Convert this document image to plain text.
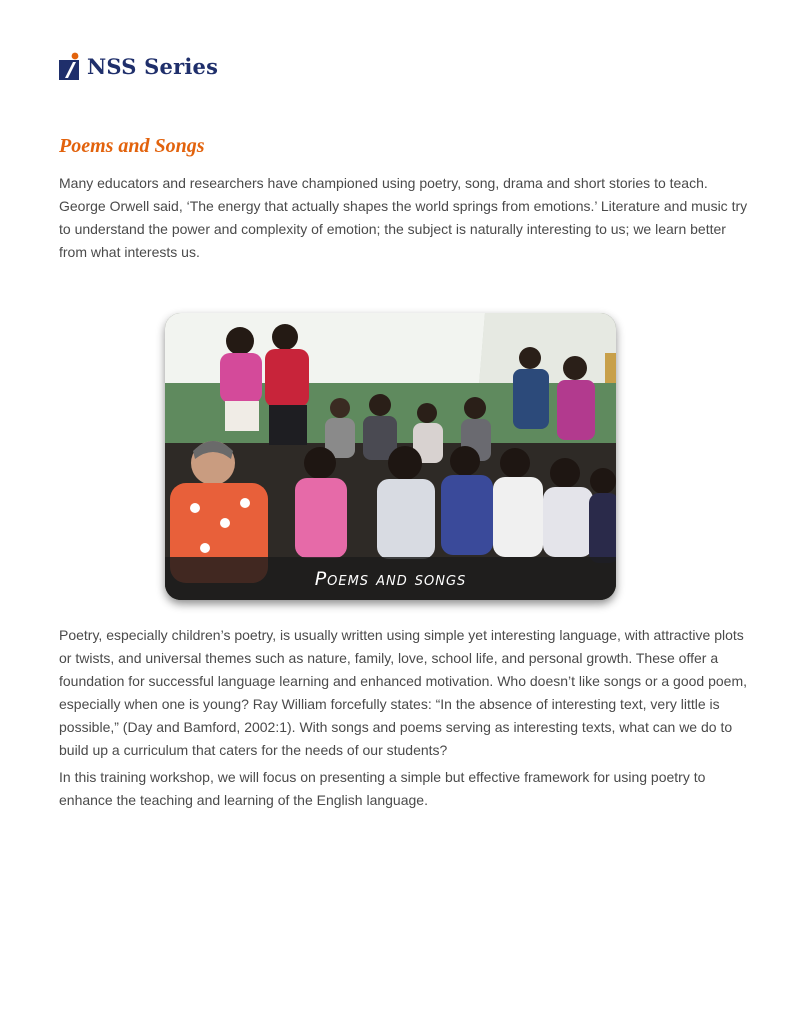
NSS Series
Poems and Songs

Many educators and researchers have championed using poetry, song, drama and short stories to teach. George Orwell said, ‘The energy that actually shapes the world springs from emotions.’ Literature and music try to understand the power and complexity of emotion; the subject is naturally interesting to us; we learn better from what interests us.

Poems and songs

Poetry, especially children’s poetry, is usually written using simple yet interesting language, with attractive plots or twists, and universal themes such as nature, family, love, school life, and personal growth. These offer a foundation for successful language learning and enhanced motivation. Who doesn’t like songs or a good poem, especially when one is young? Ray William forcefully states: “In the absence of interesting text, very little is possible,” (Day and Bamford, 2002:1). With songs and poems serving as interesting texts, what can we do to build up a curriculum that caters for the needs of our students?

In this training workshop, we will focus on presenting a simple but effective framework for using poetry to enhance the teaching and learning of the English language.
